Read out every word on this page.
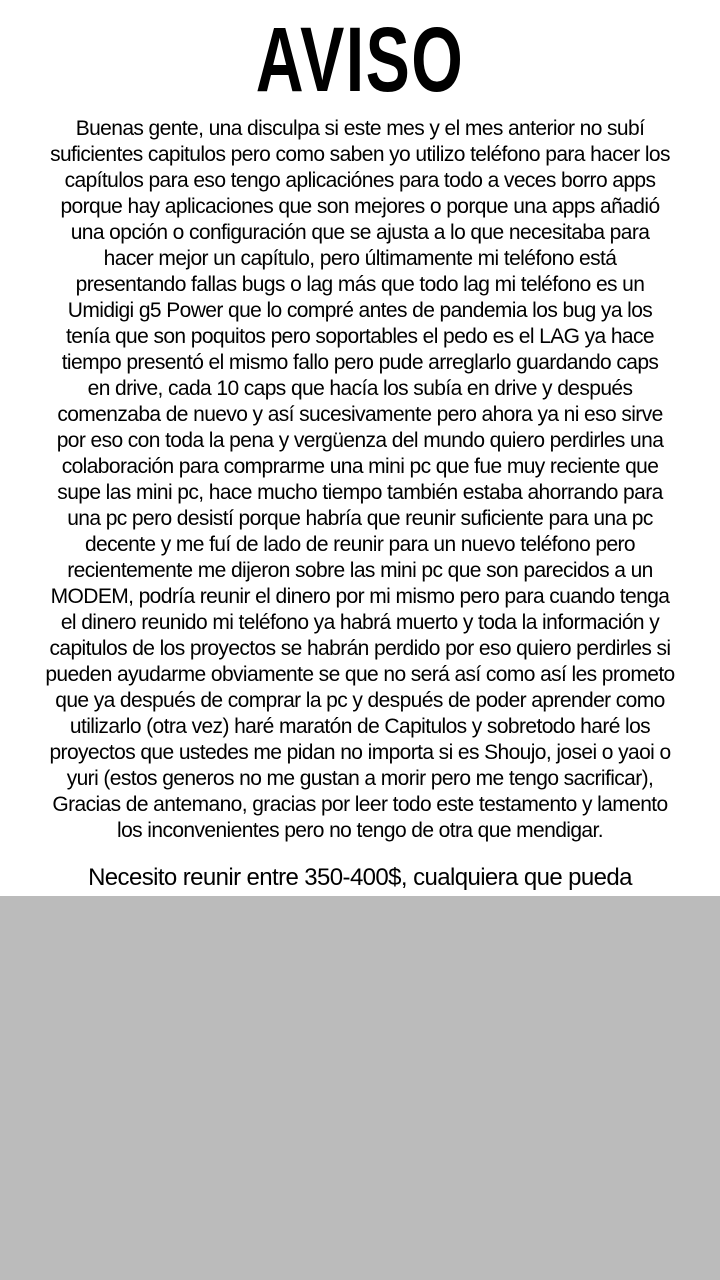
AVISO
Buenas gente, una disculpa si este mes y el mes anterior no subí
suficientes capitulos pero como saben yo utilizo teléfono para hacer los
capítulos para eso tengo aplicaciónes para todo a veces borro apps
porque hay aplicaciones que son mejores o porque una apps añadió
una opción o configuración que se ajusta a lo que necesitaba para
hacer mejor un capítulo, pero últimamente mi teléfono está
presentando fallas bugs o lag más que todo lag mi teléfono es un
Umidigi g5 Power que lo compré antes de pandemia los bug ya los
tenía que son poquitos pero soportables el pedo es el LAG ya hace
tiempo presentó el mismo fallo pero pude arreglarlo guardando caps
en drive, cada 10 caps que hacía los subía en drive y después
comenzaba de nuevo y así sucesivamente pero ahora ya ni eso sirve
por eso con toda la pena y vergüenza del mundo quiero perdirles una
colaboración para comprarme una mini pc que fue muy reciente que
supe las mini pc, hace mucho tiempo también estaba ahorrando para
una pc pero desistí porque habría que reunir suficiente para una pc
decente y me fuí de lado de reunir para un nuevo teléfono pero
recientemente me dijeron sobre las mini pc que son parecidos a un
MODEM, podría reunir el dinero por mi mismo pero para cuando tenga
el dinero reunido mi teléfono ya habrá muerto y toda la información y
capitulos de los proyectos se habrán perdido por eso quiero perdirles si
pueden ayudarme obviamente se que no será así como así les prometo
que ya después de comprar la pc y después de poder aprender como
utilizarlo (otra vez) haré maratón de Capitulos y sobretodo haré los
proyectos que ustedes me pidan no importa si es Shoujo, josei o yaoi o
yuri (estos generos no me gustan a morir pero me tengo sacrificar),
Gracias de antemano, gracias por leer todo este testamento y lamento
los inconvenientes pero no tengo de otra que mendigar.
Necesito reunir entre 350-400$, cualquiera que pueda
